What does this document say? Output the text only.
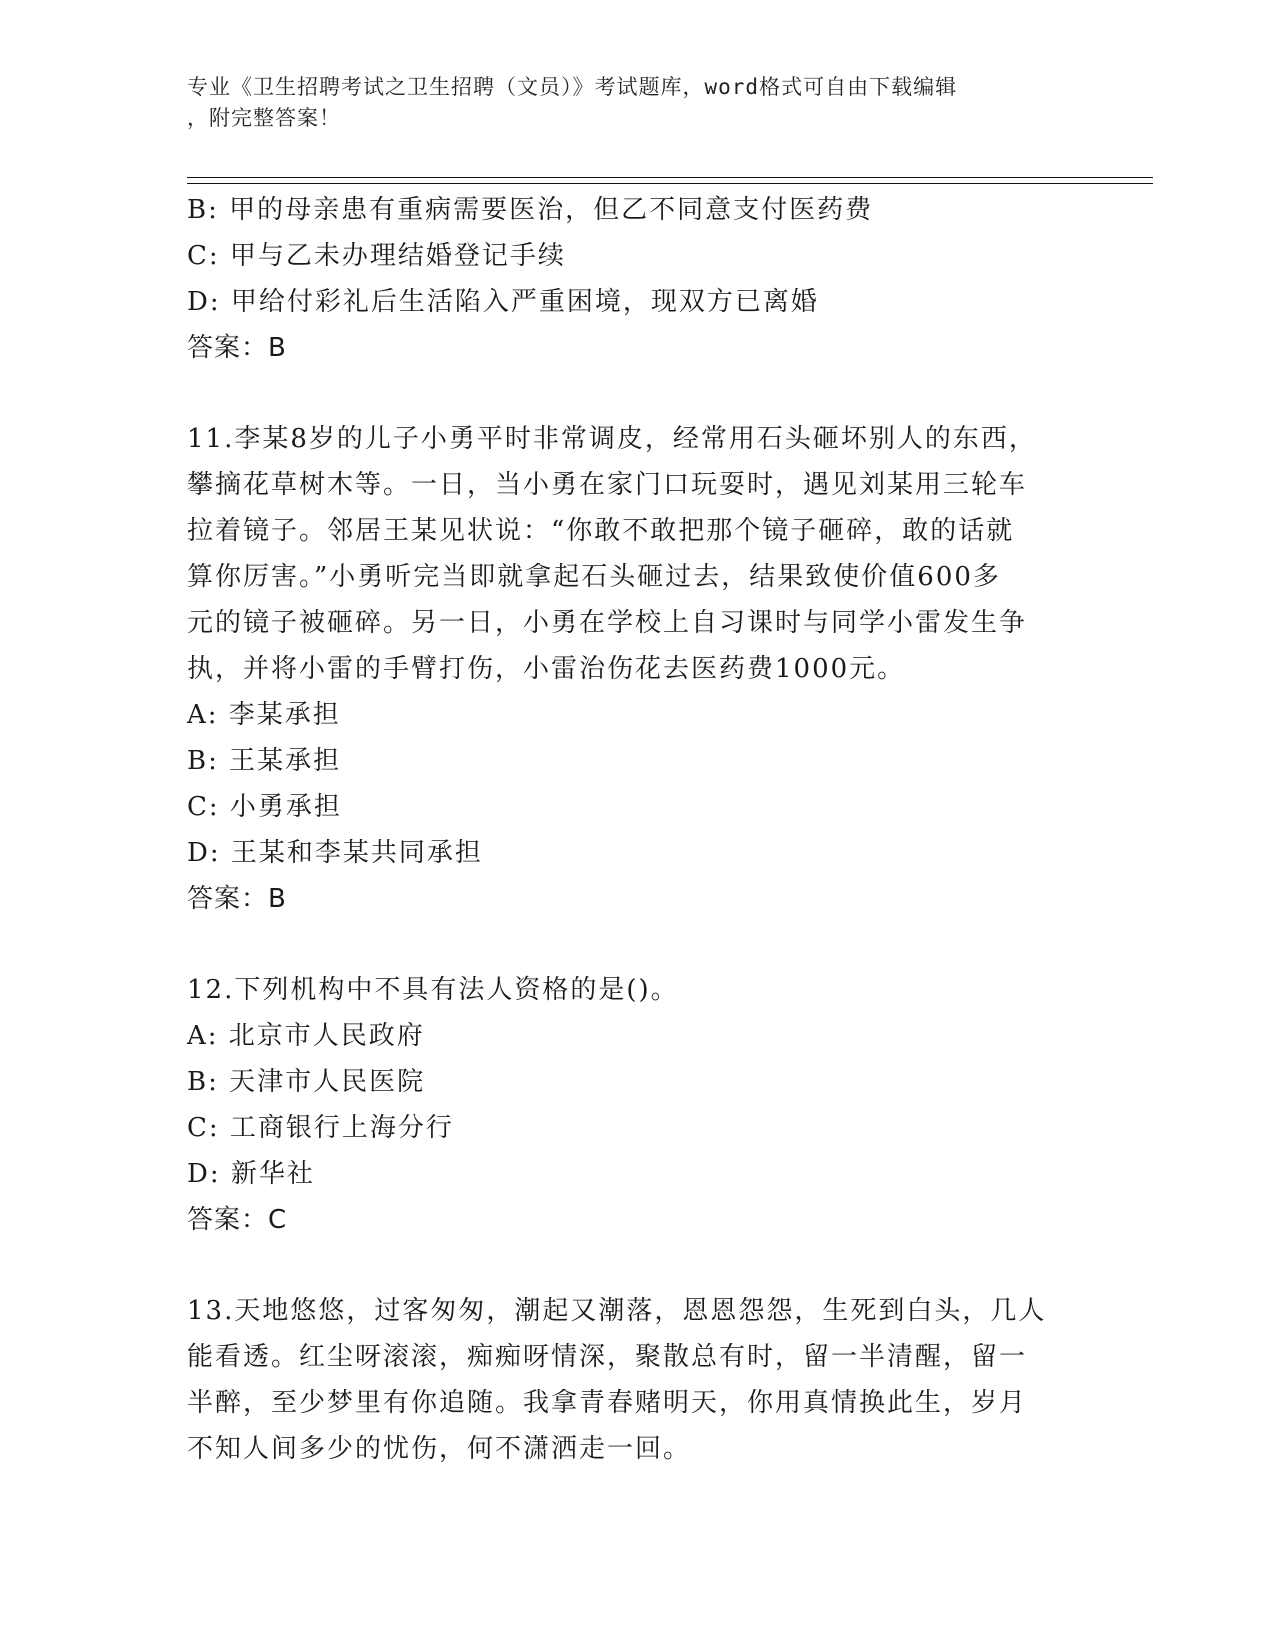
专业《卫生招聘考试之卫生招聘（文员）》考试题库，word格式可自由下载编辑
，附完整答案！
B: 甲的母亲患有重病需要医治，但乙不同意支付医药费
C: 甲与乙未办理结婚登记手续
D: 甲给付彩礼后生活陷入严重困境，现双方已离婚
答案：B
11.李某8岁的儿子小勇平时非常调皮，经常用石头砸坏别人的东西，
攀摘花草树木等。一日，当小勇在家门口玩耍时，遇见刘某用三轮车
拉着镜子。邻居王某见状说：“你敢不敢把那个镜子砸碎，敢的话就
算你厉害。”小勇听完当即就拿起石头砸过去，结果致使价值600多
元的镜子被砸碎。另一日，小勇在学校上自习课时与同学小雷发生争
执，并将小雷的手臂打伤，小雷治伤花去医药费1000元。
A: 李某承担
B: 王某承担
C: 小勇承担
D: 王某和李某共同承担
答案：B
12.下列机构中不具有法人资格的是()。
A: 北京市人民政府
B: 天津市人民医院
C: 工商银行上海分行
D: 新华社
答案：C
13.天地悠悠，过客匆匆，潮起又潮落，恩恩怨怨，生死到白头，几人
能看透。红尘呀滚滚，痴痴呀情深，聚散总有时，留一半清醒，留一
半醉，至少梦里有你追随。我拿青春赌明天，你用真情换此生，岁月
不知人间多少的忧伤，何不潇洒走一回。
